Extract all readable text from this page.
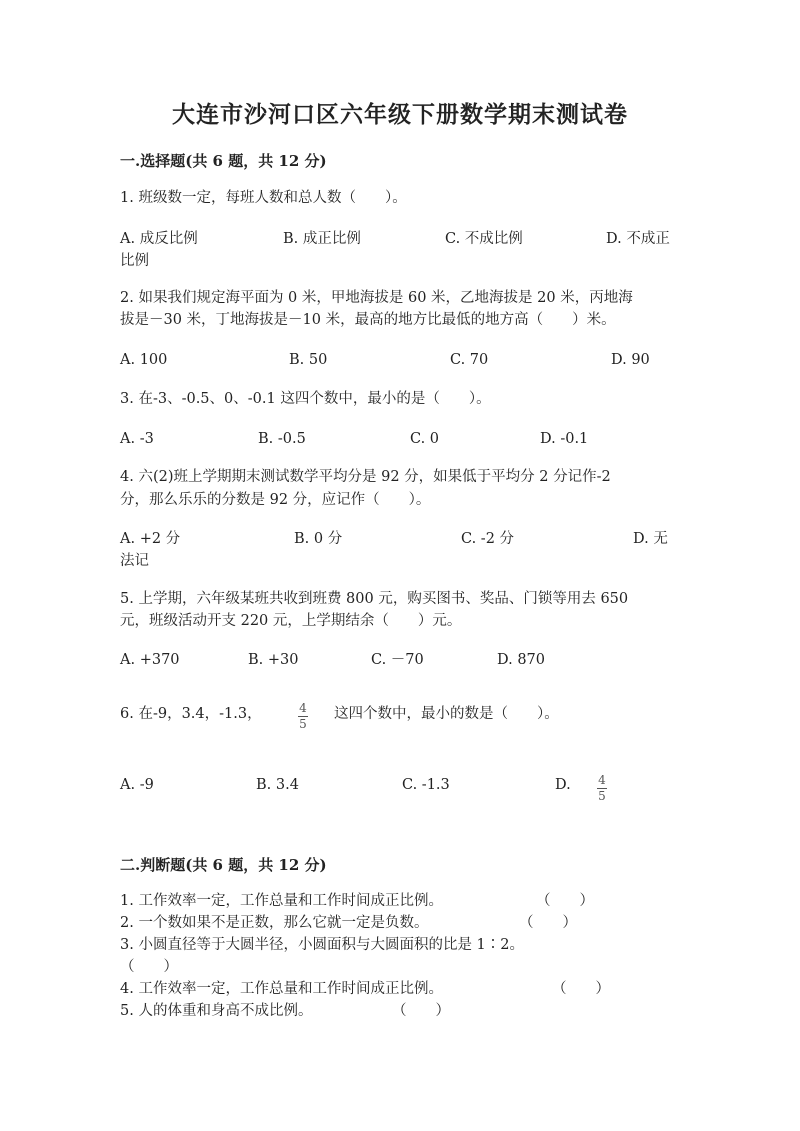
大连市沙河口区六年级下册数学期末测试卷
一.选择题(共 6 题，共 12 分)
1. 班级数一定，每班人数和总人数（　　）。
A. 成反比例	B. 成正比例	C. 不成比例	D. 不成正
比例
2. 如果我们规定海平面为 0 米，甲地海拔是 60 米，乙地海拔是 20 米，丙地海
拔是－30 米，丁地海拔是－10 米，最高的地方比最低的地方高（　　）米。
A. 100	B. 50	C. 70	D. 90
3. 在-3、-0.5、0、-0.1 这四个数中，最小的是（　　）。
A. -3	B. -0.5	C. 0	D. -0.1
4. 六(2)班上学期期末测试数学平均分是 92 分，如果低于平均分 2 分记作-2
分，那么乐乐的分数是 92 分，应记作（　　）。
A. +2 分	B. 0 分	C. -2 分	D. 无
法记
5. 上学期，六年级某班共收到班费 800 元，购买图书、奖品、门锁等用去 650
元，班级活动开支 220 元，上学期结余（　　）元。
A. +370	B. +30	C. －70	D. 870
6. 在-9，3.4，-1.3，	$\frac{4}{5}$ 这四个数中，最小的数是（　　）。
A. -9	B. 3.4	C. -1.3	D. $\frac{4}{5}$
二.判断题(共 6 题，共 12 分)
1. 工作效率一定，工作总量和工作时间成正比例。	（　　）
2. 一个数如果不是正数，那么它就一定是负数。	（　　）
3. 小圆直径等于大圆半径，小圆面积与大圆面积的比是 1∶2。
（　　）
4. 工作效率一定，工作总量和工作时间成正比例。	（　　）
5. 人的体重和身高不成比例。	（　　）
